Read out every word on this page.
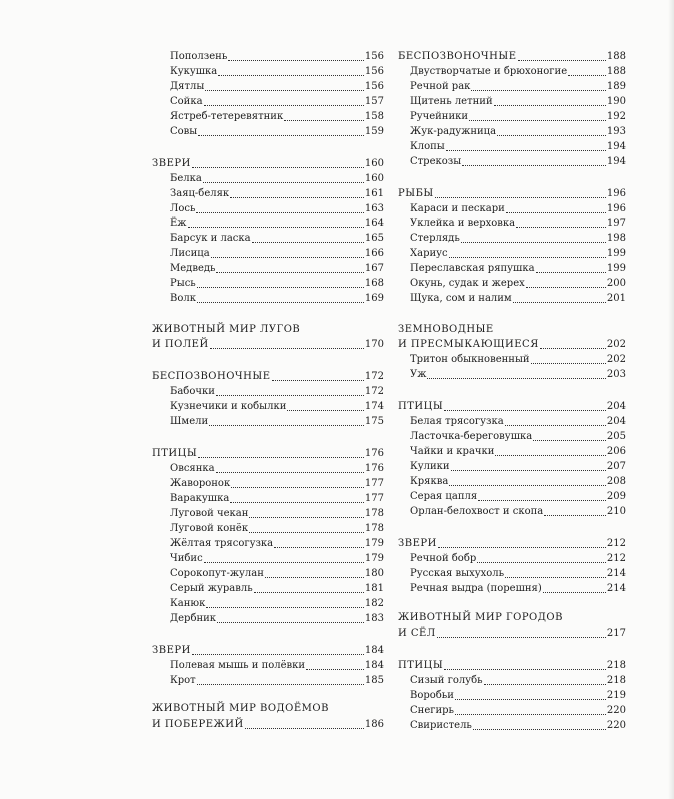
Поползень	156
Кукушка	156
Дятлы	156
Сойка	157
Ястреб-тетеревятник	158
Совы	159
ЗВЕРИ	160
Белка	160
Заяц-беляк	161
Лось	163
Ёж	164
Барсук и ласка	165
Лисица	166
Медведь	167
Рысь	168
Волк	169
ЖИВОТНЫЙ МИР ЛУГОВ
И ПОЛЕЙ	170
БЕСПОЗВОНОЧНЫЕ	172
Бабочки	172
Кузнечики и кобылки	174
Шмели	175
ПТИЦЫ	176
Овсянка	176
Жаворонок	177
Варакушка	177
Луговой чекан	178
Луговой конёк	178
Жёлтая трясогузка	179
Чибис	179
Сорокопут-жулан	180
Серый журавль	181
Канюк	182
Дербник	183
ЗВЕРИ	184
Полевая мышь и полёвки	184
Крот	185
ЖИВОТНЫЙ МИР ВОДОЁМОВ
И ПОБЕРЕЖИЙ	186
БЕСПОЗВОНОЧНЫЕ	188
Двустворчатые и брюхоногие	188
Речной рак	189
Щитень летний	190
Ручейники	192
Жук-радужница	193
Клопы	194
Стрекозы	194
РЫБЫ	196
Караси и пескари	196
Уклейка и верховка	197
Стерлядь	198
Хариус	199
Переславская ряпушка	199
Окунь, судак и жерех	200
Щука, сом и налим	201
ЗЕМНОВОДНЫЕ
И ПРЕСМЫКАЮЩИЕСЯ	202
Тритон обыкновенный	202
Уж	203
ПТИЦЫ	204
Белая трясогузка	204
Ласточка-береговушка	205
Чайки и крачки	206
Кулики	207
Кряква	208
Серая цапля	209
Орлан-белохвост и скопа	210
ЗВЕРИ	212
Речной бобр	212
Русская выхухоль	214
Речная выдра (порешня)	214
ЖИВОТНЫЙ МИР ГОРОДОВ
И СЁЛ	217
ПТИЦЫ	218
Сизый голубь	218
Воробьи	219
Снегирь	220
Свиристель	220
